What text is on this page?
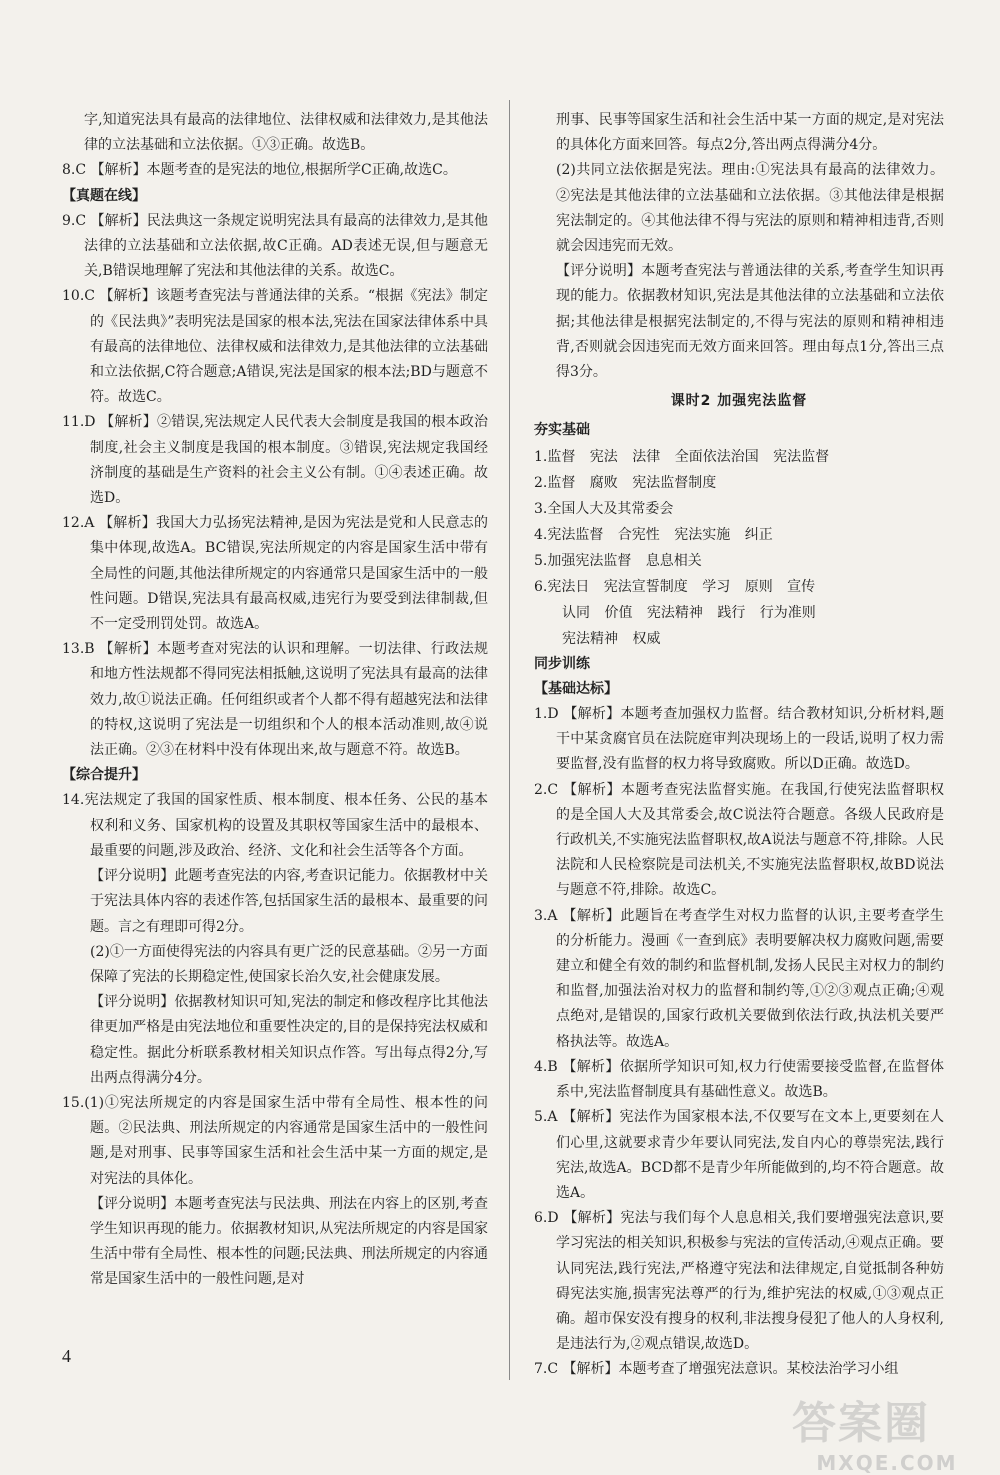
字,知道宪法具有最高的法律地位、法律权威和法律效力,是其他法律的立法基础和立法依据。①③正确。故选B。

8.C 【解析】本题考查的是宪法的地位,根据所学C正确,故选C。

【真题在线】

9.C 【解析】民法典这一条规定说明宪法具有最高的法律效力,是其他法律的立法基础和立法依据,故C正确。AD表述无误,但与题意无关,B错误地理解了宪法和其他法律的关系。故选C。

10.C 【解析】该题考查宪法与普通法律的关系。“根据《宪法》制定的《民法典》”表明宪法是国家的根本法,宪法在国家法律体系中具有最高的法律地位、法律权威和法律效力,是其他法律的立法基础和立法依据,C符合题意;A错误,宪法是国家的根本法;BD与题意不符。故选C。

11.D 【解析】②错误,宪法规定人民代表大会制度是我国的根本政治制度,社会主义制度是我国的根本制度。③错误,宪法规定我国经济制度的基础是生产资料的社会主义公有制。①④表述正确。故选D。

12.A 【解析】我国大力弘扬宪法精神,是因为宪法是党和人民意志的集中体现,故选A。BC错误,宪法所规定的内容是国家生活中带有全局性的问题,其他法律所规定的内容通常只是国家生活中的一般性问题。D错误,宪法具有最高权威,违宪行为要受到法律制裁,但不一定受刑罚处罚。故选A。

13.B 【解析】本题考查对宪法的认识和理解。一切法律、行政法规和地方性法规都不得同宪法相抵触,这说明了宪法具有最高的法律效力,故①说法正确。任何组织或者个人都不得有超越宪法和法律的特权,这说明了宪法是一切组织和个人的根本活动准则,故④说法正确。②③在材料中没有体现出来,故与题意不符。故选B。

【综合提升】

14.宪法规定了我国的国家性质、根本制度、根本任务、公民的基本权利和义务、国家机构的设置及其职权等国家生活中的最根本、最重要的问题,涉及政治、经济、文化和社会生活等各个方面。

【评分说明】此题考查宪法的内容,考查识记能力。依据教材中关于宪法具体内容的表述作答,包括国家生活的最根本、最重要的问题。言之有理即可得2分。

(2)①一方面使得宪法的内容具有更广泛的民意基础。②另一方面保障了宪法的长期稳定性,使国家长治久安,社会健康发展。

【评分说明】依据教材知识可知,宪法的制定和修改程序比其他法律更加严格是由宪法地位和重要性决定的,目的是保持宪法权威和稳定性。据此分析联系教材相关知识点作答。写出每点得2分,写出两点得满分4分。

15.(1)①宪法所规定的内容是国家生活中带有全局性、根本性的问题。②民法典、刑法所规定的内容通常是国家生活中的一般性问题,是对刑事、民事等国家生活和社会生活中某一方面的规定,是对宪法的具体化。

【评分说明】本题考查宪法与民法典、刑法在内容上的区别,考查学生知识再现的能力。依据教材知识,从宪法所规定的内容是国家生活中带有全局性、根本性的问题;民法典、刑法所规定的内容通常是国家生活中的一般性问题,是对

刑事、民事等国家生活和社会生活中某一方面的规定,是对宪法的具体化方面来回答。每点2分,答出两点得满分4分。

(2)共同立法依据是宪法。理由:①宪法具有最高的法律效力。②宪法是其他法律的立法基础和立法依据。③其他法律是根据宪法制定的。④其他法律不得与宪法的原则和精神相违背,否则就会因违宪而无效。

【评分说明】本题考查宪法与普通法律的关系,考查学生知识再现的能力。依据教材知识,宪法是其他法律的立法基础和立法依据;其他法律是根据宪法制定的,不得与宪法的原则和精神相违背,否则就会因违宪而无效方面来回答。理由每点1分,答出三点得3分。

课时2 加强宪法监督

夯实基础

1.监督 宪法 法律 全面依法治国 宪法监督

2.监督 腐败 宪法监督制度

3.全国人大及其常委会

4.宪法监督 合宪性 宪法实施 纠正

5.加强宪法监督 息息相关

6.宪法日 宪法宣誓制度 学习 原则 宣传

认同 价值 宪法精神 践行 行为准则

宪法精神 权威

同步训练

【基础达标】

1.D 【解析】本题考查加强权力监督。结合教材知识,分析材料,题干中某贪腐官员在法院庭审判决现场上的一段话,说明了权力需要监督,没有监督的权力将导致腐败。所以D正确。故选D。

2.C 【解析】本题考查宪法监督实施。在我国,行使宪法监督职权的是全国人大及其常委会,故C说法符合题意。各级人民政府是行政机关,不实施宪法监督职权,故A说法与题意不符,排除。人民法院和人民检察院是司法机关,不实施宪法监督职权,故BD说法与题意不符,排除。故选C。

3.A 【解析】此题旨在考查学生对权力监督的认识,主要考查学生的分析能力。漫画《一查到底》表明要解决权力腐败问题,需要建立和健全有效的制约和监督机制,发扬人民民主对权力的制约和监督,加强法治对权力的监督和制约等,①②③观点正确;④观点绝对,是错误的,国家行政机关要做到依法行政,执法机关要严格执法等。故选A。

4.B 【解析】依据所学知识可知,权力行使需要接受监督,在监督体系中,宪法监督制度具有基础性意义。故选B。

5.A 【解析】宪法作为国家根本法,不仅要写在文本上,更要刻在人们心里,这就要求青少年要认同宪法,发自内心的尊崇宪法,践行宪法,故选A。BCD都不是青少年所能做到的,均不符合题意。故选A。

6.D 【解析】宪法与我们每个人息息相关,我们要增强宪法意识,要学习宪法的相关知识,积极参与宪法的宣传活动,④观点正确。要认同宪法,践行宪法,严格遵守宪法和法律规定,自觉抵制各种妨碍宪法实施,损害宪法尊严的行为,维护宪法的权威,①③观点正确。超市保安没有搜身的权利,非法搜身侵犯了他人的人身权利,是违法行为,②观点错误,故选D。

7.C 【解析】本题考查了增强宪法意识。某校法治学习小组

4
答案圈
MXQE.COM
